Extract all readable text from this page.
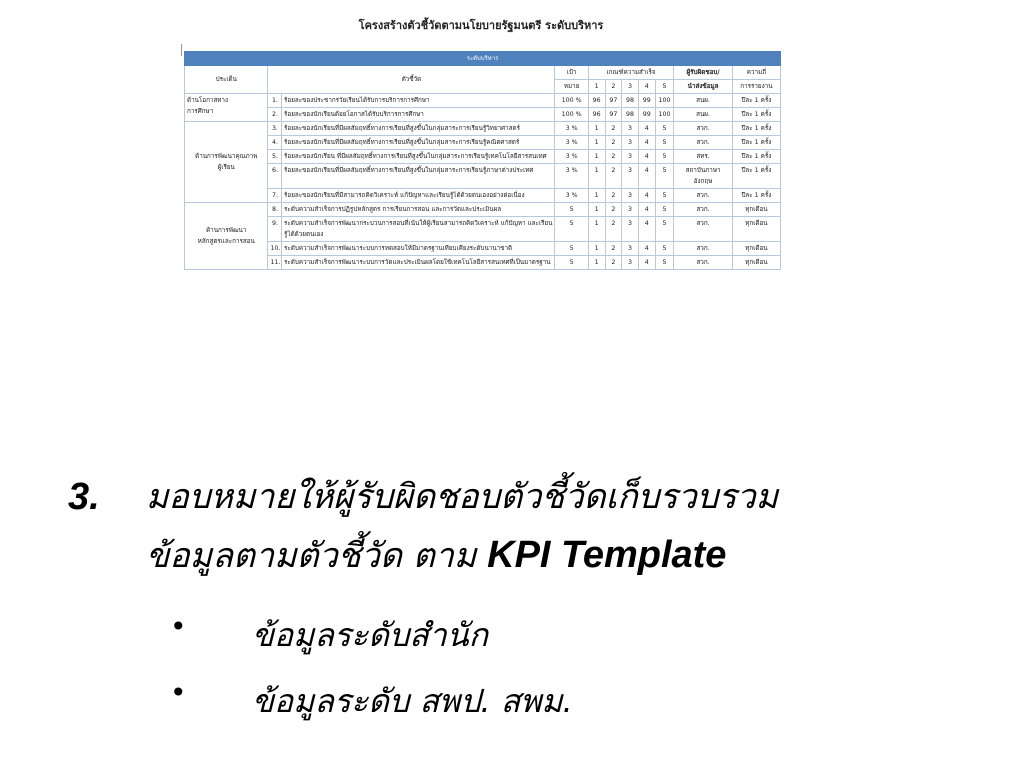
โครงสร้างตัวชี้วัดตามนโยบายรัฐมนตรี ระดับบริหาร
ระดับบริหาร										
ประเด็น	ตัวชี้วัด		เป้า	เกณฑ์ความสำเร็จ					ผู้รับผิดชอบ/	ความถี่
			หมาย	1	2	3	4	5	นำส่งข้อมูล	การรายงาน

ด้านโอกาสทาง
การศึกษา	1.	ร้อยละของประชากรวัยเรียนได้รับการบริการการศึกษา	100 %	96	97	98	99	100	สนผ.	ปีละ 1 ครั้ง
	2.	ร้อยละของนักเรียนด้อยโอกาสได้รับบริการการศึกษา	100 %	96	97	98	99	100	สนผ.	ปีละ 1 ครั้ง

ด้านการพัฒนาคุณภาพ
ผู้เรียน	3.	ร้อยละของนักเรียนที่มีผลสัมฤทธิ์ทางการเรียนที่สูงขึ้นในกลุ่มสาระการเรียนรู้วิทยาศาสตร์	3 %	1	2	3	4	5	สวก.	ปีละ 1 ครั้ง
	4.	ร้อยละของนักเรียนที่มีผลสัมฤทธิ์ทางการเรียนที่สูงขึ้นในกลุ่มสาระการเรียนรู้คณิตศาสตร์	3 %	1	2	3	4	5	สวก.	ปีละ 1 ครั้ง
	5.	ร้อยละของนักเรียน ที่มีผลสัมฤทธิ์ทางการเรียนที่สูงขึ้นในกลุ่มสาระการเรียนรู้เทคโนโลยีสารสนเทศ	3 %	1	2	3	4	5	สทร.	ปีละ 1 ครั้ง
	6.	ร้อยละของนักเรียนที่มีผลสัมฤทธิ์ทางการเรียนที่สูงขึ้นในกลุ่มสาระการเรียนรู้ภาษาต่างประเทศ	3 %	1	2	3	4	5	สถาบันภาษาอังกฤษ	ปีละ 1 ครั้ง
	7.	ร้อยละของนักเรียนที่มีสามารถคิดวิเคราะห์ แก้ปัญหาและเรียนรู้ได้ด้วยตนเองอย่างต่อเนื่อง	3 %	1	2	3	4	5	สวก.	ปีละ 1 ครั้ง

ด้านการพัฒนา
หลักสูตรและการสอน	8.	ระดับความสำเร็จการปฏิรูปหลักสูตร การเรียนการสอน และการวัดและประเมินผล	5	1	2	3	4	5	สวก.	ทุกเดือน
	9.	ระดับความสำเร็จการพัฒนากระบวนการสอนที่เน้นให้ผู้เรียนสามารถคิดวิเคราะห์ แก้ปัญหา และเรียนรู้ได้ด้วยตนเอง	5	1	2	3	4	5	สวก.	ทุกเดือน
	10.	ระดับความสำเร็จการพัฒนาระบบการทดสอบให้มีมาตรฐานเทียบเคียงระดับนานาชาติ	5	1	2	3	4	5	สวก.	ทุกเดือน
	11.	ระดับความสำเร็จการพัฒนาระบบการวัดและประเมินผลโดยใช้เทคโนโลยีสารสนเทศที่เป็นมาตรฐาน	5	1	2	3	4	5	สวก.	ทุกเดือน
3. มอบหมายให้ผู้รับผิดชอบตัวชี้วัดเก็บรวบรวม
ข้อมูลตามตัวชี้วัด ตาม KPI Template
• ข้อมูลระดับสำนัก
• ข้อมูลระดับ สพป. สพม.
